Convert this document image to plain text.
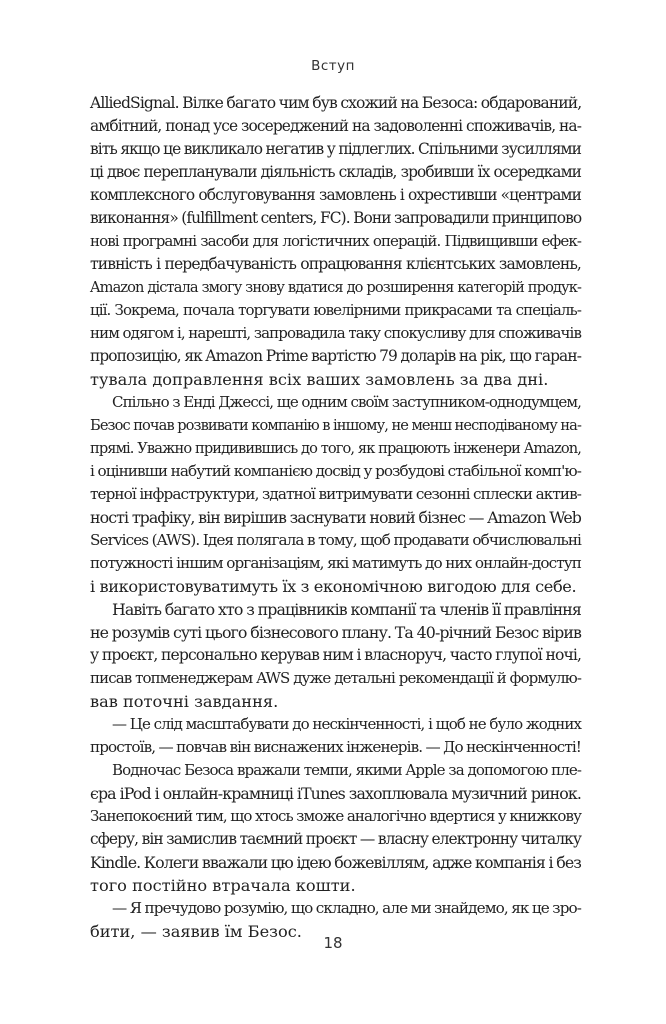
Вступ
AlliedSignal. Вілке багато чим був схожий на Безоса: обдарований,
амбітний, понад усе зосереджений на задоволенні споживачів, на-
віть якщо це викликало негатив у підлеглих. Спільними зусиллями
ці двоє перепланували діяльність складів, зробивши їх осередками
комплексного обслуговування замовлень і охрестивши «центрами
виконання» (fulfillment centers, FC). Вони запровадили принципово
нові програмні засоби для логістичних операцій. Підвищивши ефек-
тивність і передбачуваність опрацювання клієнтських замовлень,
Amazon дістала змогу знову вдатися до розширення категорій продук-
ції. Зокрема, почала торгувати ювелірними прикрасами та спеціаль-
ним одягом і, нарешті, запровадила таку спокусливу для споживачів
пропозицію, як Amazon Prime вартістю 79 доларів на рік, що гаран-
тувала доправлення всіх ваших замовлень за два дні.
Спільно з Енді Джессі, ще одним своїм заступником-однодумцем,
Безос почав розвивати компанію в іншому, не менш несподіваному на-
прямі. Уважно придивившись до того, як працюють інженери Amazon,
і оцінивши набутий компанією досвід у розбудові стабільної комп'ю-
терної інфраструктури, здатної витримувати сезонні сплески актив-
ності трафіку, він вирішив заснувати новий бізнес — Amazon Web
Services (AWS). Ідея полягала в тому, щоб продавати обчислювальні
потужності іншим організаціям, які матимуть до них онлайн-доступ
і використовуватимуть їх з економічною вигодою для себе.
Навіть багато хто з працівників компанії та членів її правління
не розумів суті цього бізнесового плану. Та 40-річний Безос вірив
у проєкт, персонально керував ним і власноруч, часто глупої ночі,
писав топменеджерам AWS дуже детальні рекомендації й формулю-
вав поточні завдання.
— Це слід масштабувати до нескінченності, і щоб не було жодних
простоїв, — повчав він виснажених інженерів. — До нескінченності!
Водночас Безоса вражали темпи, якими Apple за допомогою пле-
єра iPod і онлайн-крамниці iTunes захоплювала музичний ринок.
Занепокоєний тим, що хтось зможе аналогічно вдертися у книжкову
сферу, він замислив таємний проєкт — власну електронну читалку
Kindle. Колеги вважали цю ідею божевіллям, адже компанія і без
того постійно втрачала кошти.
— Я пречудово розумію, що складно, але ми знайдемо, як це зро-
бити, — заявив їм Безос.
18
